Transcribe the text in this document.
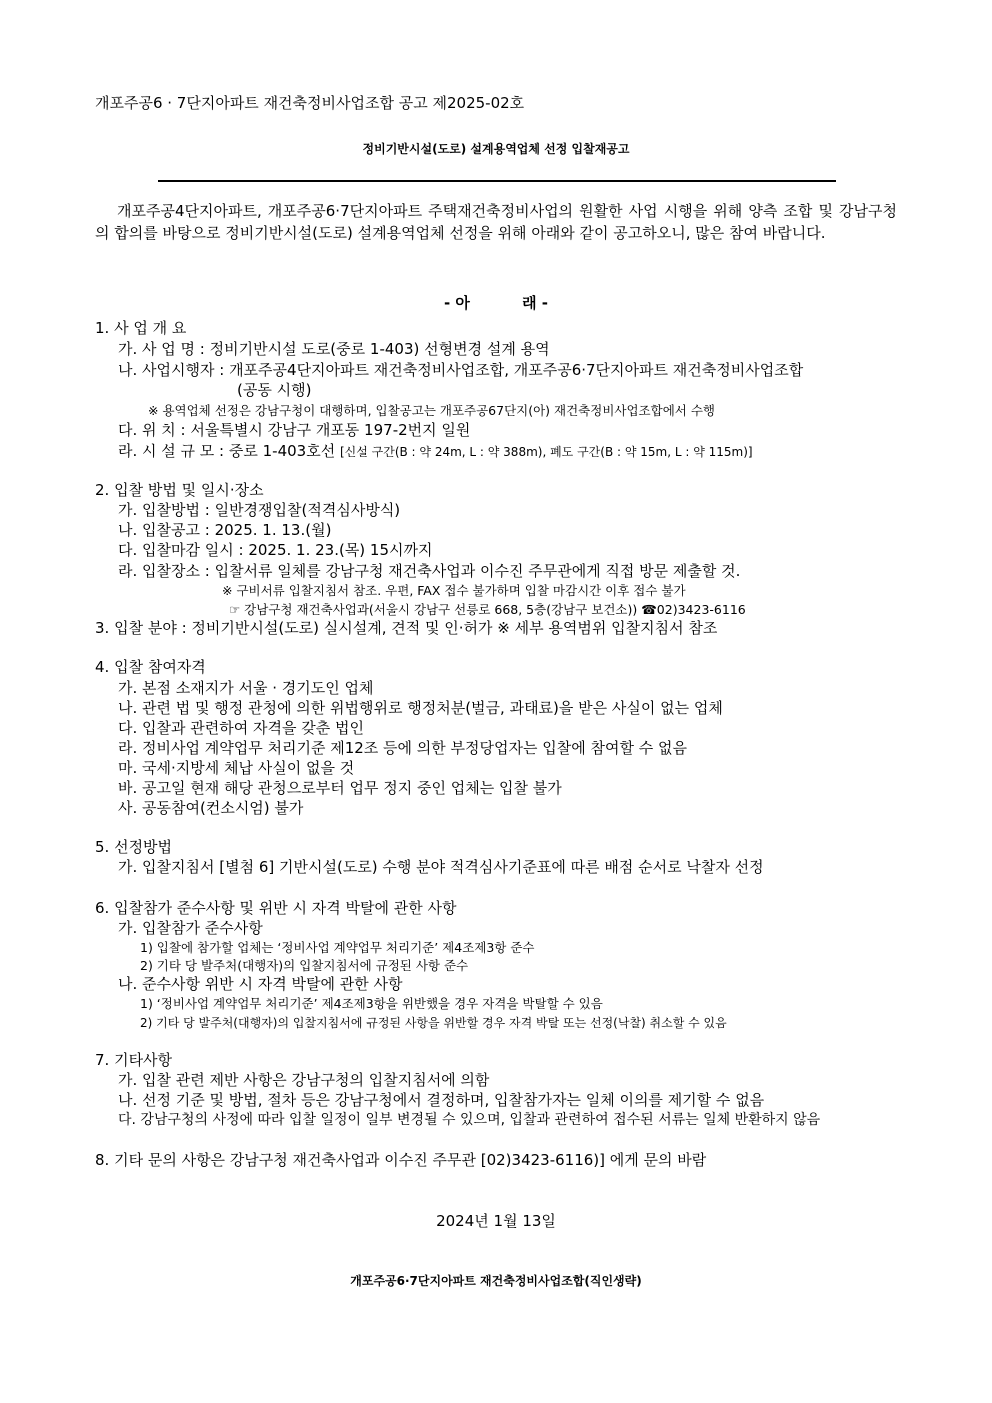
개포주공6 · 7단지아파트 재건축정비사업조합 공고 제2025-02호
정비기반시설(도로) 설계용역업체 선정 입찰재공고

개포주공4단지아파트, 개포주공6·7단지아파트 주택재건축정비사업의 원활한 사업 시행을 위해 양측 조합 및 강남구청의 합의를 바탕으로 정비기반시설(도로) 설계용역업체 선정을 위해 아래와 같이 공고하오니, 많은 참여 바랍니다.

- 아          래 -
1. 사 업 개 요
가. 사 업 명 : 정비기반시설 도로(중로 1-403) 선형변경 설계 용역
나. 사업시행자 : 개포주공4단지아파트 재건축정비사업조합, 개포주공6·7단지아파트 재건축정비사업조합
(공동 시행)
※ 용역업체 선정은 강남구청이 대행하며, 입찰공고는 개포주공67단지(아) 재건축정비사업조합에서 수행
다. 위 치 : 서울특별시 강남구 개포동 197-2번지 일원
라. 시 설 규 모 : 중로 1-403호선 [신설 구간(B : 약 24m, L : 약 388m), 폐도 구간(B : 약 15m, L : 약 115m)]
2. 입찰 방법 및 일시·장소
가. 입찰방법 : 일반경쟁입찰(적격심사방식)
나. 입찰공고 : 2025. 1. 13.(월)
다. 입찰마감 일시 : 2025. 1. 23.(목) 15시까지
라. 입찰장소 : 입찰서류 일체를 강남구청 재건축사업과 이수진 주무관에게 직접 방문 제출할 것.
※ 구비서류 입찰지침서 참조. 우편, FAX 접수 불가하며 입찰 마감시간 이후 접수 불가
☞ 강남구청 재건축사업과(서울시 강남구 선릉로 668, 5층(강남구 보건소)) ☎02)3423-6116
3. 입찰 분야 : 정비기반시설(도로) 실시설계, 견적 및 인·허가 ※ 세부 용역범위 입찰지침서 참조
4. 입찰 참여자격
가. 본점 소재지가 서울 · 경기도인 업체
나. 관련 법 및 행정 관청에 의한 위법행위로 행정처분(벌금, 과태료)을 받은 사실이 없는 업체
다. 입찰과 관련하여 자격을 갖춘 법인
라. 정비사업 계약업무 처리기준 제12조 등에 의한 부정당업자는 입찰에 참여할 수 없음
마. 국세·지방세 체납 사실이 없을 것
바. 공고일 현재 해당 관청으로부터 업무 정지 중인 업체는 입찰 불가
사. 공동참여(컨소시엄) 불가
5. 선정방법
가. 입찰지침서 [별첨 6] 기반시설(도로) 수행 분야 적격심사기준표에 따른 배점 순서로 낙찰자 선정
6. 입찰참가 준수사항 및 위반 시 자격 박탈에 관한 사항
가. 입찰참가 준수사항
1) 입찰에 참가할 업체는 ‘정비사업 계약업무 처리기준’ 제4조제3항 준수
2) 기타 당 발주처(대행자)의 입찰지침서에 규정된 사항 준수
나. 준수사항 위반 시 자격 박탈에 관한 사항
1) ‘정비사업 계약업무 처리기준’ 제4조제3항을 위반했을 경우 자격을 박탈할 수 있음
2) 기타 당 발주처(대행자)의 입찰지침서에 규정된 사항을 위반할 경우 자격 박탈 또는 선정(낙찰) 취소할 수 있음
7. 기타사항
가. 입찰 관련 제반 사항은 강남구청의 입찰지침서에 의함
나. 선정 기준 및 방법, 절차 등은 강남구청에서 결정하며, 입찰참가자는 일체 이의를 제기할 수 없음
다. 강남구청의 사정에 따라 입찰 일정이 일부 변경될 수 있으며, 입찰과 관련하여 접수된 서류는 일체 반환하지 않음
8. 기타 문의 사항은 강남구청 재건축사업과 이수진 주무관 [02)3423-6116)] 에게 문의 바람
2024년 1월 13일
개포주공6·7단지아파트 재건축정비사업조합(직인생략)
